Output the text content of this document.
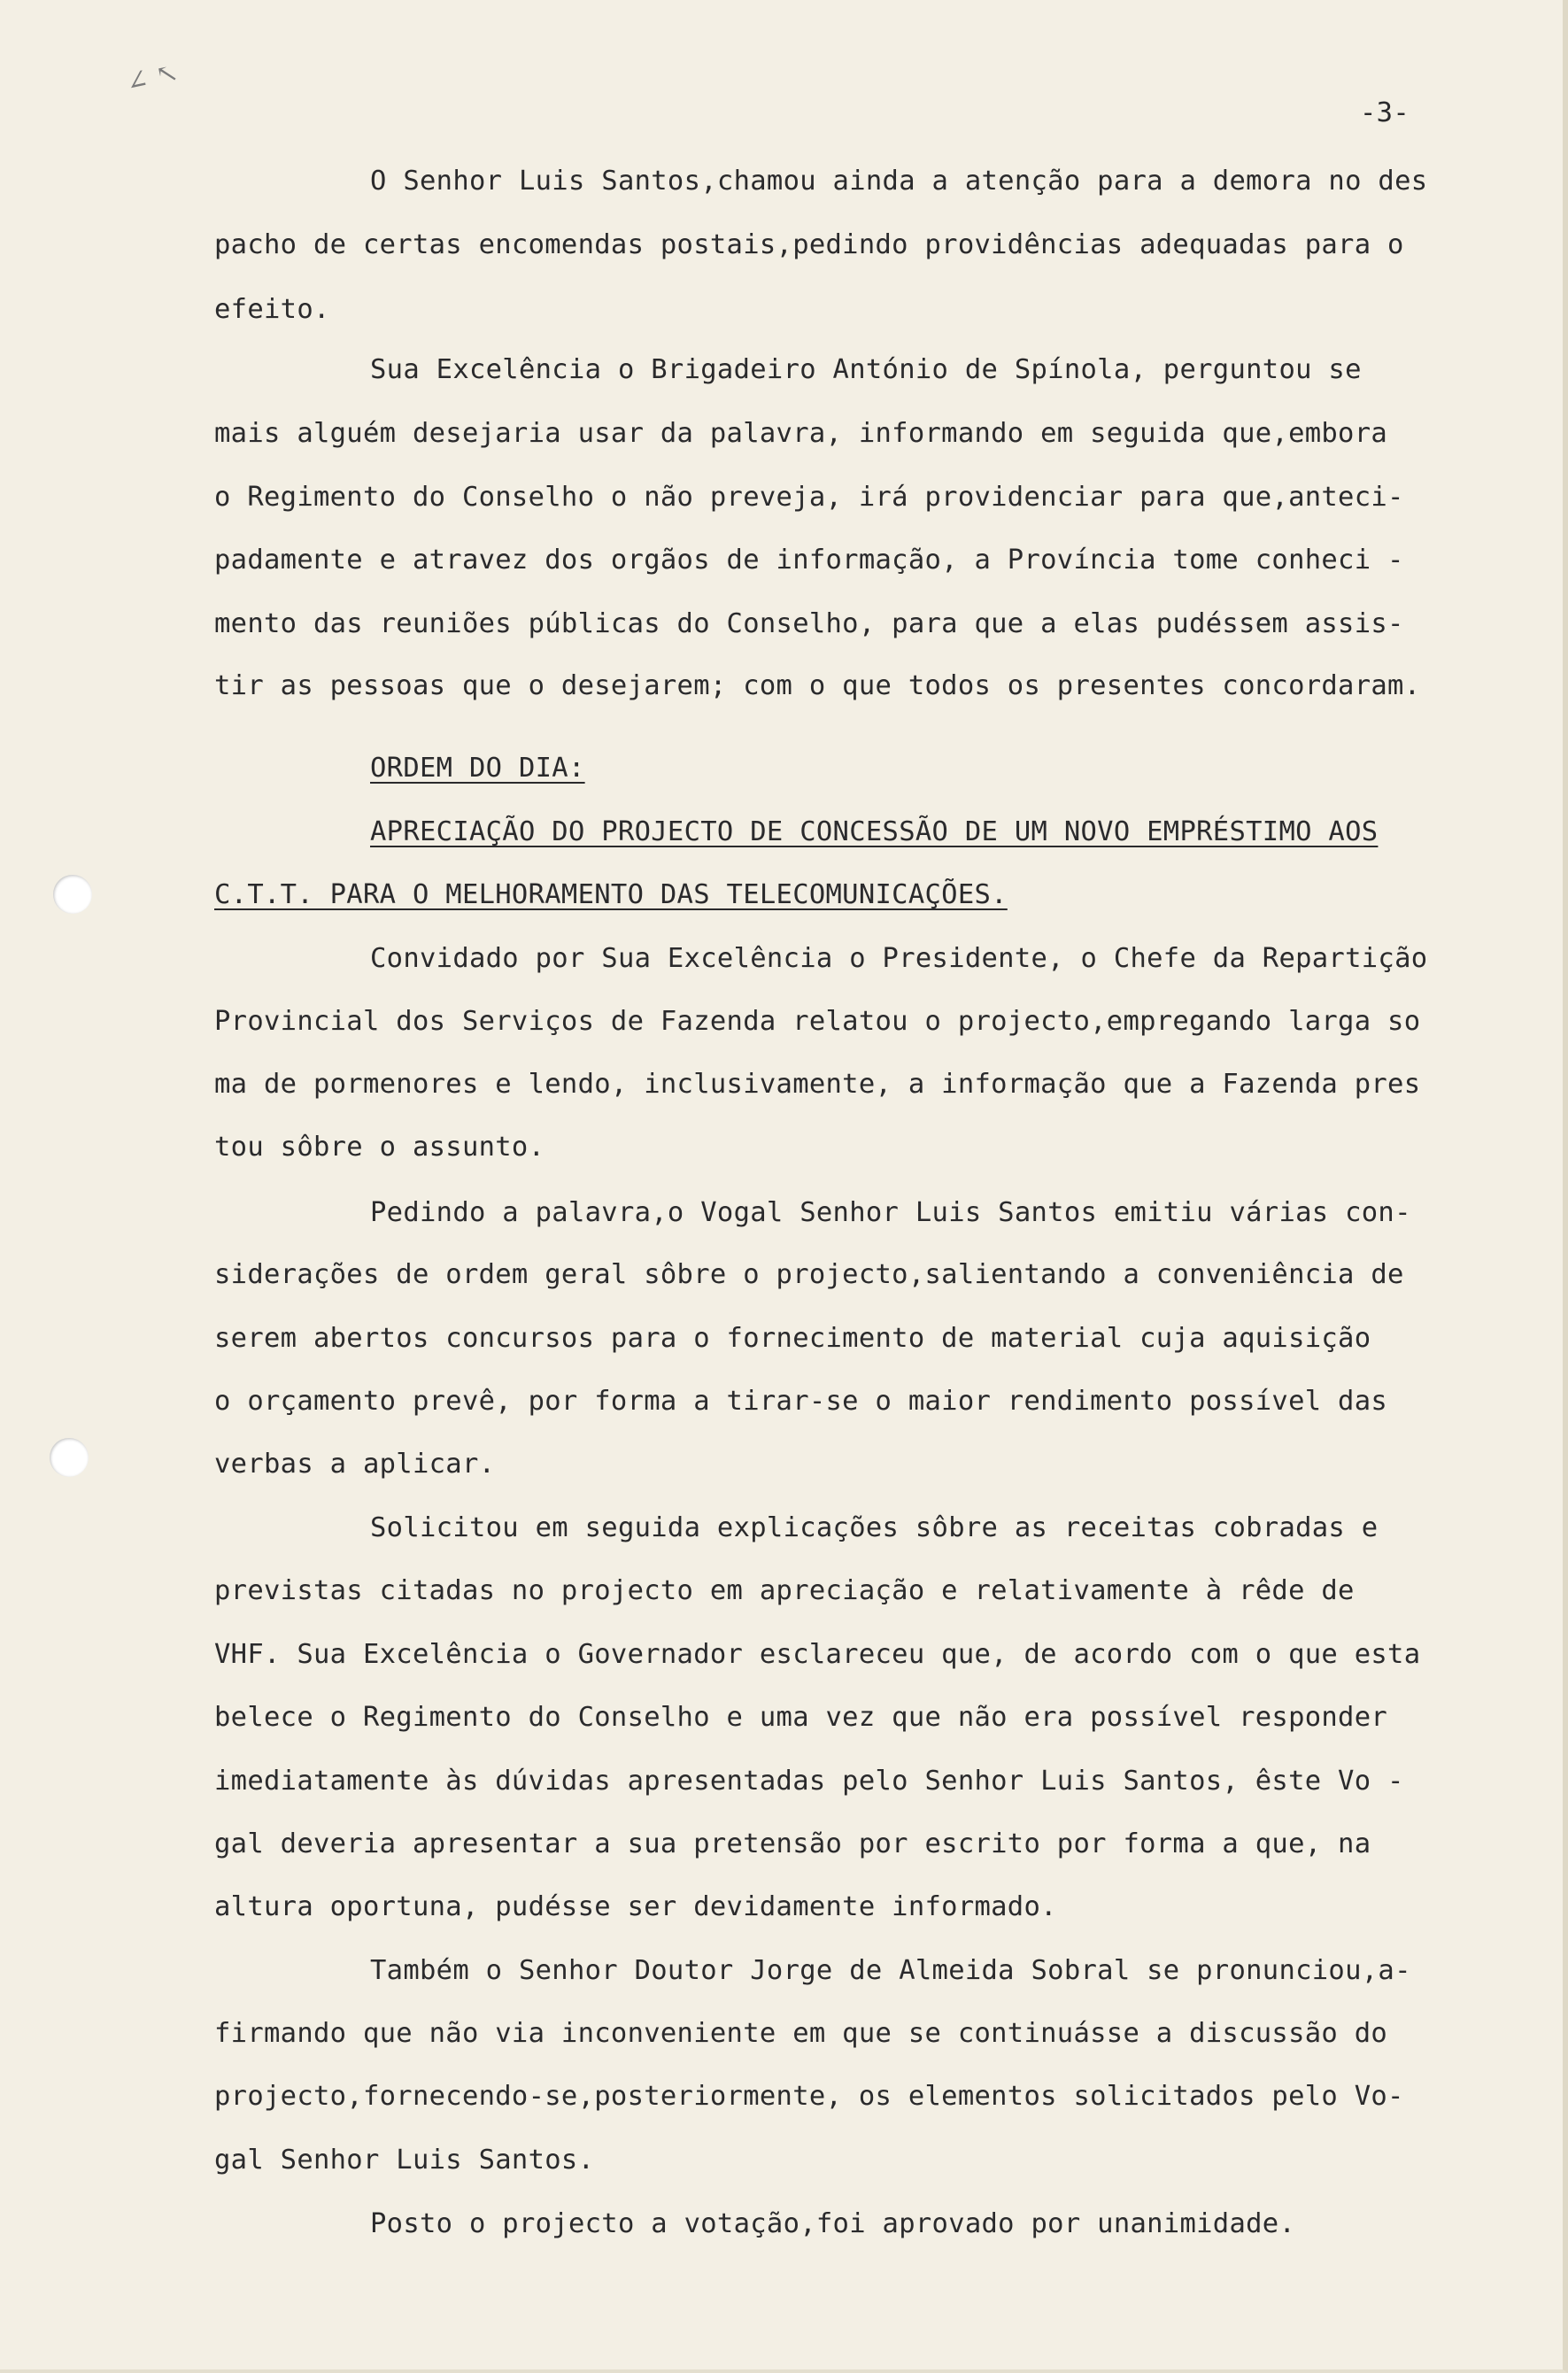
∠ ↖
-3-
O Senhor Luis Santos,chamou ainda a atenção para a demora no des
pacho de certas encomendas postais,pedindo providências adequadas para o
efeito.
Sua Excelência o Brigadeiro António de Spínola, perguntou se
mais alguém desejaria usar da palavra, informando em seguida que,embora
o Regimento do Conselho o não preveja, irá providenciar para que,anteci-
padamente e atravez dos orgãos de informação, a Província tome conheci -
mento das reuniões públicas do Conselho, para que a elas pudéssem assis-
tir as pessoas que o desejarem; com o que todos os presentes concordaram.
ORDEM DO DIA:
APRECIAÇÃO DO PROJECTO DE CONCESSÃO DE UM NOVO EMPRÉSTIMO AOS
C.T.T. PARA O MELHORAMENTO DAS TELECOMUNICAÇÕES.
Convidado por Sua Excelência o Presidente, o Chefe da Repartição
Provincial dos Serviços de Fazenda relatou o projecto,empregando larga so
ma de pormenores e lendo, inclusivamente, a informação que a Fazenda pres
tou sôbre o assunto.
Pedindo a palavra,o Vogal Senhor Luis Santos emitiu várias con-
siderações de ordem geral sôbre o projecto,salientando a conveniência de
serem abertos concursos para o fornecimento de material cuja aquisição
o orçamento prevê, por forma a tirar-se o maior rendimento possível das
verbas a aplicar.
Solicitou em seguida explicações sôbre as receitas cobradas e
previstas citadas no projecto em apreciação e relativamente à rêde de
VHF. Sua Excelência o Governador esclareceu que, de acordo com o que esta
belece o Regimento do Conselho e uma vez que não era possível responder
imediatamente às dúvidas apresentadas pelo Senhor Luis Santos, êste Vo -
gal deveria apresentar a sua pretensão por escrito por forma a que, na
altura oportuna, pudésse ser devidamente informado.
Também o Senhor Doutor Jorge de Almeida Sobral se pronunciou,a-
firmando que não via inconveniente em que se continuásse a discussão do
projecto,fornecendo-se,posteriormente, os elementos solicitados pelo Vo-
gal Senhor Luis Santos.
Posto o projecto a votação,foi aprovado por unanimidade.
